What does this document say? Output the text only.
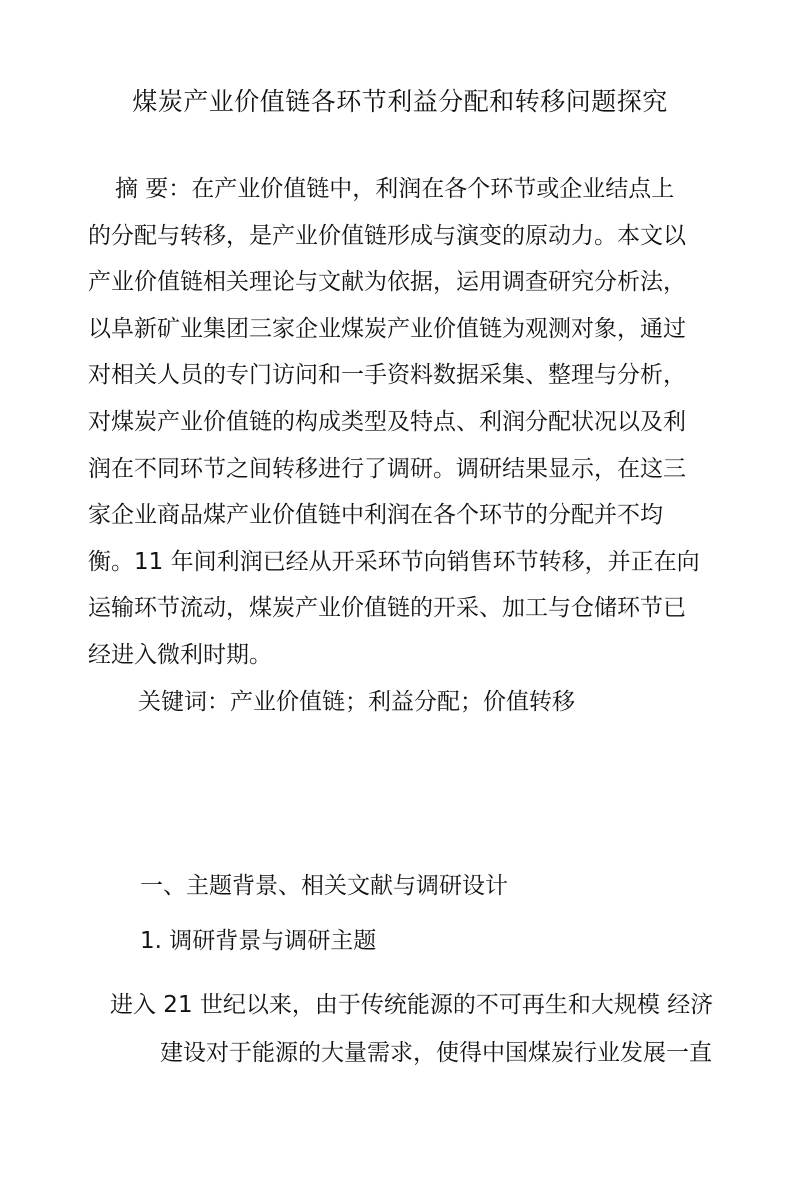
煤炭产业价值链各环节利益分配和转移问题探究
摘 要：在产业价值链中，利润在各个环节或企业结点上
的分配与转移，是产业价值链形成与演变的原动力。本文以
产业价值链相关理论与文献为依据，运用调查研究分析法，
以阜新矿业集团三家企业煤炭产业价值链为观测对象，通过
对相关人员的专门访问和一手资料数据采集、整理与分析，
对煤炭产业价值链的构成类型及特点、利润分配状况以及利
润在不同环节之间转移进行了调研。调研结果显示，在这三
家企业商品煤产业价值链中利润在各个环节的分配并不均
衡。11 年间利润已经从开采环节向销售环节转移，并正在向
运输环节流动，煤炭产业价值链的开采、加工与仓储环节已
经进入微利时期。
关键词：产业价值链；利益分配；价值转移
一、主题背景、相关文献与调研设计
1. 调研背景与调研主题
进入 21 世纪以来，由于传统能源的不可再生和大规模 经济
建设对于能源的大量需求，使得中国煤炭行业发展一直
